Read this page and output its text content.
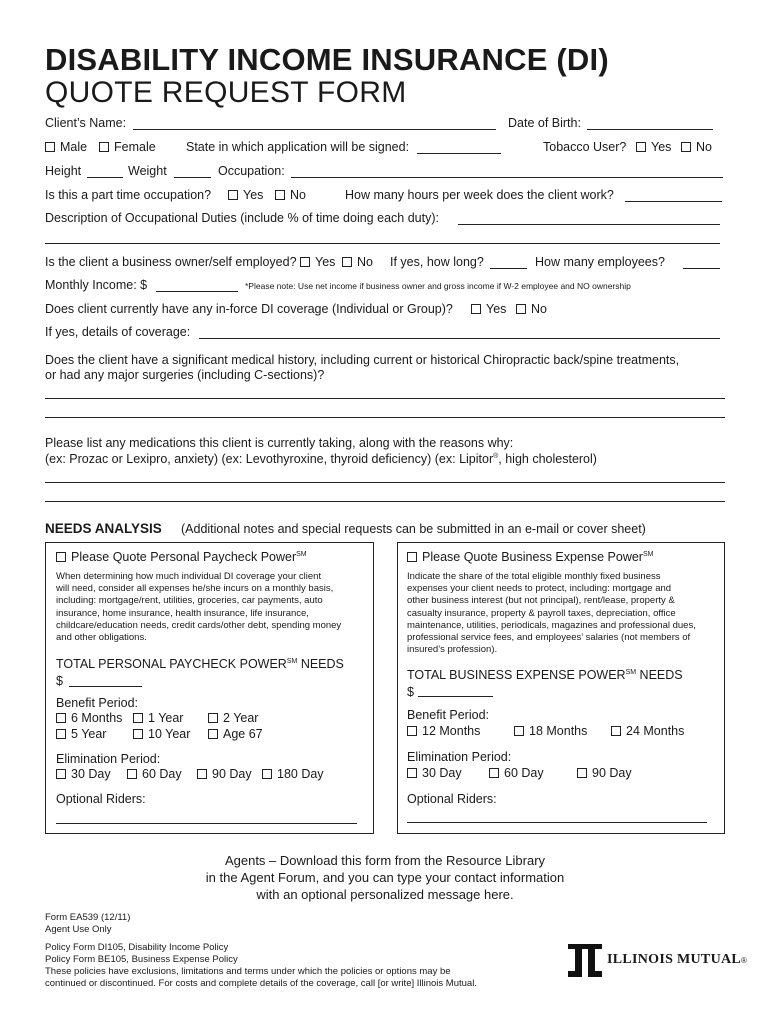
DISABILITY INCOME INSURANCE (DI)
QUOTE REQUEST FORM
Client’s Name:	Date of Birth:
Male	Female State in which application will be signed:	Tobacco User?	Yes	No
Height	Weight	Occupation:
Is this a part time occupation?	Yes	No	How many hours per week does the client work?
Description of Occupational Duties (include % of time doing each duty):
Is the client a business owner/self employed?	Yes	No If yes, how long?	How many employees?
Monthly Income: $	*Please note: Use net income if business owner and gross income if W-2 employee and NO ownership
Does client currently have any in-force DI coverage (Individual or Group)?	Yes	No
If yes, details of coverage:
Does the client have a significant medical history, including current or historical Chiropractic back/spine treatments,
or had any major surgeries (including C-sections)?
Please list any medications this client is currently taking, along with the reasons why:
(ex: Prozac or Lexipro, anxiety) (ex: Levothyroxine, thyroid deficiency) (ex: Lipitor®, high cholesterol)
NEEDS ANALYSIS (Additional notes and special requests can be submitted in an e-mail or cover sheet)
Please Quote Personal Paycheck Power℠
When determining how much individual DI coverage your client
will need, consider all expenses he/she incurs on a monthly basis,
including: mortgage/rent, utilities, groceries, car payments, auto
insurance, home insurance, health insurance, life insurance,
childcare/education needs, credit cards/other debt, spending money
and other obligations.
TOTAL PERSONAL PAYCHECK POWER℠ NEEDS
$
Benefit Period:
6 Months	1 Year	2 Year
5 Year	10 Year	Age 67
Elimination Period:
30 Day	60 Day	90 Day	180 Day
Optional Riders:
Please Quote Business Expense Power℠
Indicate the share of the total eligible monthly fixed business
expenses your client needs to protect, including: mortgage and
other business interest (but not principal), rent/lease, property &
casualty insurance, property & payroll taxes, depreciation, office
maintenance, utilities, periodicals, magazines and professional dues,
professional service fees, and employees’ salaries (not members of
insured’s profession).
TOTAL BUSINESS EXPENSE POWER℠ NEEDS
$
Benefit Period:
12 Months	18 Months	24 Months
Elimination Period:
30 Day	60 Day	90 Day
Optional Riders:
Agents – Download this form from the Resource Library
in the Agent Forum, and you can type your contact information
with an optional personalized message here.
Form EA539 (12/11)
Agent Use Only
Policy Form DI105, Disability Income Policy
Policy Form BE105, Business Expense Policy
These policies have exclusions, limitations and terms under which the policies or options may be
continued or discontinued. For costs and complete details of the coverage, call [or write] Illinois Mutual.
ILLINOIS MUTUAL ®
